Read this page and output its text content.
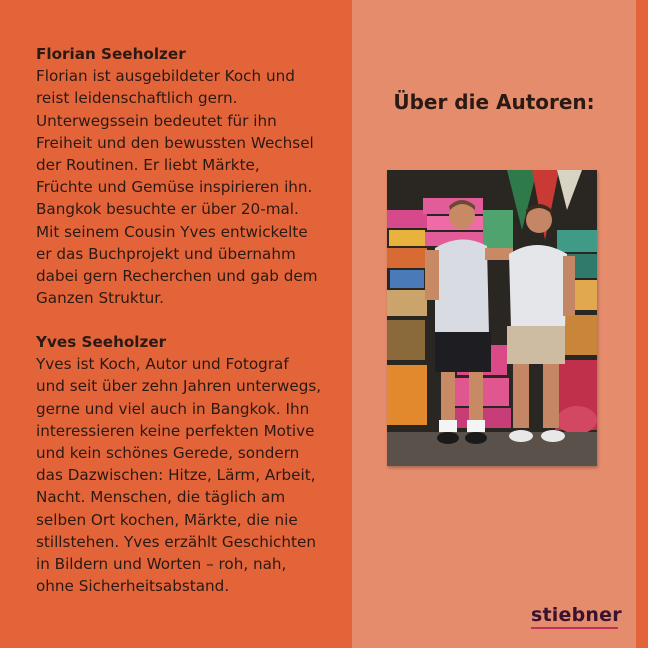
Florian Seeholzer

Florian ist ausgebildeter Koch und

reist leidenschaftlich gern.

Unterwegssein bedeutet für ihn

Freiheit und den bewussten Wechsel

der Routinen. Er liebt Märkte,

Früchte und Gemüse inspirieren ihn.

Bangkok besuchte er über 20-mal.

Mit seinem Cousin Yves entwickelte

er das Buchprojekt und übernahm

dabei gern Recherchen und gab dem

Ganzen Struktur.

Yves Seeholzer

Yves ist Koch, Autor und Fotograf

und seit über zehn Jahren unterwegs,

gerne und viel auch in Bangkok. Ihn

interessieren keine perfekten Motive

und kein schönes Gerede, sondern

das Dazwischen: Hitze, Lärm, Arbeit,

Nacht. Menschen, die täglich am

selben Ort kochen, Märkte, die nie

stillstehen. Yves erzählt Geschichten

in Bildern und Worten – roh, nah,

ohne Sicherheitsabstand.

Über die Autoren:
stiebner
